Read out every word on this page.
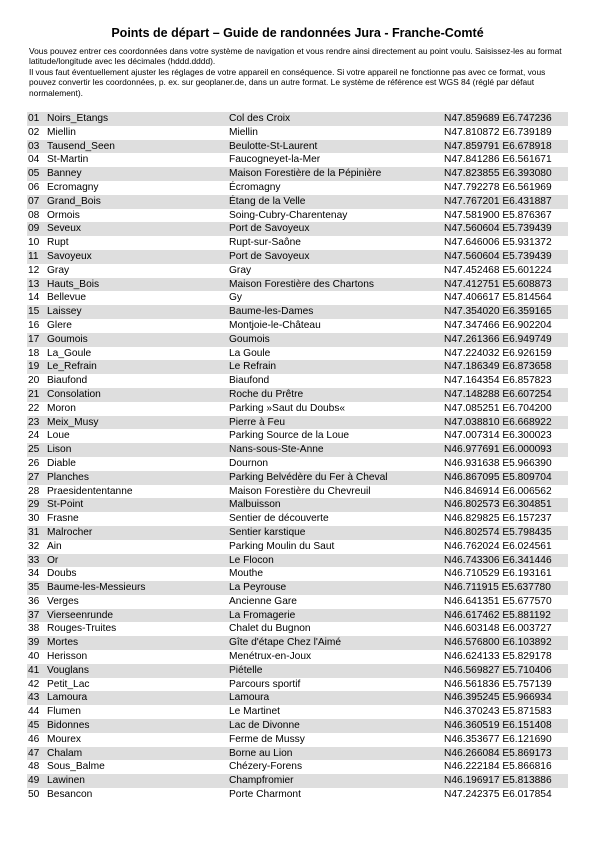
Points de départ – Guide de randonnées Jura - Franche-Comté

Vous pouvez entrer ces coordonnées dans votre système de navigation et vous rendre ainsi directement au point voulu. Saisissez-les au format latitude/longitude avec les décimales (hddd.dddd).

Il vous faut éventuellement ajuster les réglages de votre appareil en conséquence. Si votre appareil ne fonctionne pas avec ce format, vous pouvez convertir les coordonnées, p. ex. sur geoplaner.de, dans un autre format. Le système de référence est WGS 84 (réglé par défaut normalement).

01	Noirs_Etangs	Col des Croix	N47.859689 E6.747236
02	Miellin	Miellin	N47.810872 E6.739189
03	Tausend_Seen	Beulotte-St-Laurent	N47.859791 E6.678918
04	St-Martin	Faucogneyet-la-Mer	N47.841286 E6.561671
05	Banney	Maison Forestière de la Pépinière	N47.823855 E6.393080
06	Ecromagny	Écromagny	N47.792278 E6.561969
07	Grand_Bois	Étang de la Velle	N47.767201 E6.431887
08	Ormois	Soing-Cubry-Charentenay	N47.581900 E5.876367
09	Seveux	Port de Savoyeux	N47.560604 E5.739439
10	Rupt	Rupt-sur-Saône	N47.646006 E5.931372
11	Savoyeux	Port de Savoyeux	N47.560604 E5.739439
12	Gray	Gray	N47.452468 E5.601224
13	Hauts_Bois	Maison Forestière des Chartons	N47.412751 E5.608873
14	Bellevue	Gy	N47.406617 E5.814564
15	Laissey	Baume-les-Dames	N47.354020 E6.359165
16	Glere	Montjoie-le-Château	N47.347466 E6.902204
17	Goumois	Goumois	N47.261366 E6.949749
18	La_Goule	La Goule	N47.224032 E6.926159
19	Le_Refrain	Le Refrain	N47.186349 E6.873658
20	Biaufond	Biaufond	N47.164354 E6.857823
21	Consolation	Roche du Prêtre	N47.148288 E6.607254
22	Moron	Parking »Saut du Doubs«	N47.085251 E6.704200
23	Meix_Musy	Pierre à Feu	N47.038810 E6.668922
24	Loue	Parking Source de la Loue	N47.007314 E6.300023
25	Lison	Nans-sous-Ste-Anne	N46.977691 E6.000093
26	Diable	Dournon	N46.931638 E5.966390
27	Planches	Parking Belvédère du Fer à Cheval	N46.867095 E5.809704
28	Praesidententanne	Maison Forestière du Chevreuil	N46.846914 E6.006562
29	St-Point	Malbuisson	N46.802573 E6.304851
30	Frasne	Sentier de découverte	N46.829825 E6.157237
31	Malrocher	Sentier karstique	N46.802574 E5.798435
32	Ain	Parking Moulin du Saut	N46.762024 E6.024561
33	Or	Le Flocon	N46.743306 E6.341446
34	Doubs	Mouthe	N46.710529 E6.193161
35	Baume-les-Messieurs	La Peyrouse	N46.711915 E5.637780
36	Verges	Ancienne Gare	N46.641351 E5.677570
37	Vierseenrunde	La Fromagerie	N46.617462 E5.881192
38	Rouges-Truites	Chalet du Bugnon	N46.603148 E6.003727
39	Mortes	Gîte d'étape Chez l'Aimé	N46.576800 E6.103892
40	Herisson	Menétrux-en-Joux	N46.624133 E5.829178
41	Vouglans	Piételle	N46.569827 E5.710406
42	Petit_Lac	Parcours sportif	N46.561836 E5.757139
43	Lamoura	Lamoura	N46.395245 E5.966934
44	Flumen	Le Martinet	N46.370243 E5.871583
45	Bidonnes	Lac de Divonne	N46.360519 E6.151408
46	Mourex	Ferme de Mussy	N46.353677 E6.121690
47	Chalam	Borne au Lion	N46.266084 E5.869173
48	Sous_Balme	Chézery-Forens	N46.222184 E5.866816
49	Lawinen	Champfromier	N46.196917 E5.813886
50	Besancon	Porte Charmont	N47.242375 E6.017854
